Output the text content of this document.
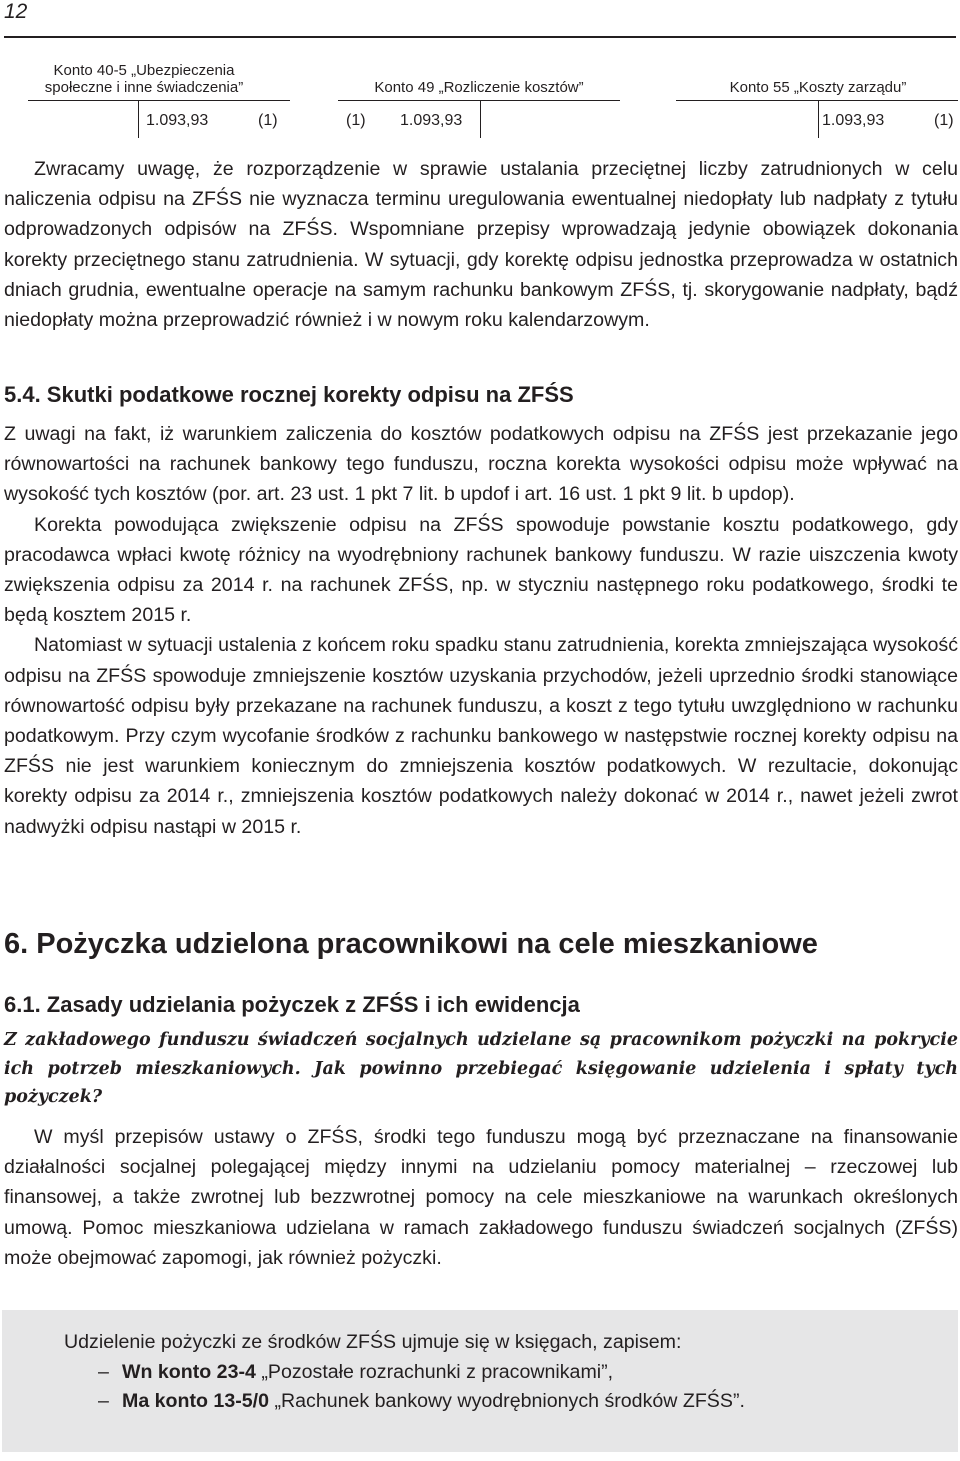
12
Konto 40-5 „Ubezpieczenia
społeczne i inne świadczenia”
1.093,93	(1)
Konto 49 „Rozliczenie kosztów”
(1) 1.093,93
Konto 55 „Koszty zarządu”
1.093,93	(1)

Zwracamy uwagę, że rozporządzenie w sprawie ustalania przeciętnej liczby zatrudnionych w celu naliczenia odpisu na ZFŚS nie wyznacza terminu uregulowania ewentualnej niedopłaty lub nadpłaty z tytułu odprowadzonych odpisów na ZFŚS. Wspomniane przepisy wprowadzają jedynie obowiązek dokonania korekty przeciętnego stanu zatrudnienia. W sytuacji, gdy korektę odpisu jednostka przeprowadza w ostatnich dniach grudnia, ewentualne operacje na samym rachunku bankowym ZFŚS, tj. skorygowanie nadpłaty, bądź niedopłaty można przeprowadzić również i w nowym roku kalendarzowym.

5.4. Skutki podatkowe rocznej korekty odpisu na ZFŚS

Z uwagi na fakt, iż warunkiem zaliczenia do kosztów podatkowych odpisu na ZFŚS jest przekazanie jego równowartości na rachunek bankowy tego funduszu, roczna korekta wysokości odpisu może wpływać na wysokość tych kosztów (por. art. 23 ust. 1 pkt 7 lit. b updof i art. 16 ust. 1 pkt 9 lit. b updop).

Korekta powodująca zwiększenie odpisu na ZFŚS spowoduje powstanie kosztu podatkowego, gdy pracodawca wpłaci kwotę różnicy na wyodrębniony rachunek bankowy funduszu. W razie uiszczenia kwoty zwiększenia odpisu za 2014 r. na rachunek ZFŚS, np. w styczniu następnego roku podatkowego, środki te będą kosztem 2015 r.

Natomiast w sytuacji ustalenia z końcem roku spadku stanu zatrudnienia, korekta zmniejszająca wysokość odpisu na ZFŚS spowoduje zmniejszenie kosztów uzyskania przychodów, jeżeli uprzednio środki stanowiące równowartość odpisu były przekazane na rachunek funduszu, a koszt z tego tytułu uwzględniono w rachunku podatkowym. Przy czym wycofanie środków z rachunku bankowego w następstwie rocznej korekty odpisu na ZFŚS nie jest warunkiem koniecznym do zmniejszenia kosztów podatkowych. W rezultacie, dokonując korekty odpisu za 2014 r., zmniejszenia kosztów podatkowych należy dokonać w 2014 r., nawet jeżeli zwrot nadwyżki odpisu nastąpi w 2015 r.

6. Pożyczka udzielona pracownikowi na cele mieszkaniowe
6.1. Zasady udzielania pożyczek z ZFŚS i ich ewidencja
Z zakładowego funduszu świadczeń socjalnych udzielane są pracownikom pożyczki na pokrycie ich potrzeb mieszkaniowych. Jak powinno przebiegać księgowanie udzielenia i spłaty tych pożyczek?

W myśl przepisów ustawy o ZFŚS, środki tego funduszu mogą być przeznaczane na finansowanie działalności socjalnej polegającej między innymi na udzielaniu pomocy materialnej – rzeczowej lub finansowej, a także zwrotnej lub bezzwrotnej pomocy na cele mieszkaniowe na warunkach określonych umową. Pomoc mieszkaniowa udzielana w ramach zakładowego funduszu świadczeń socjalnych (ZFŚS) może obejmować zapomogi, jak również pożyczki.

Udzielenie pożyczki ze środków ZFŚS ujmuje się w księgach, zapisem:
– Wn konto 23-4 „Pozostałe rozrachunki z pracownikami”,
– Ma konto 13-5/0 „Rachunek bankowy wyodrębnionych środków ZFŚS”.
